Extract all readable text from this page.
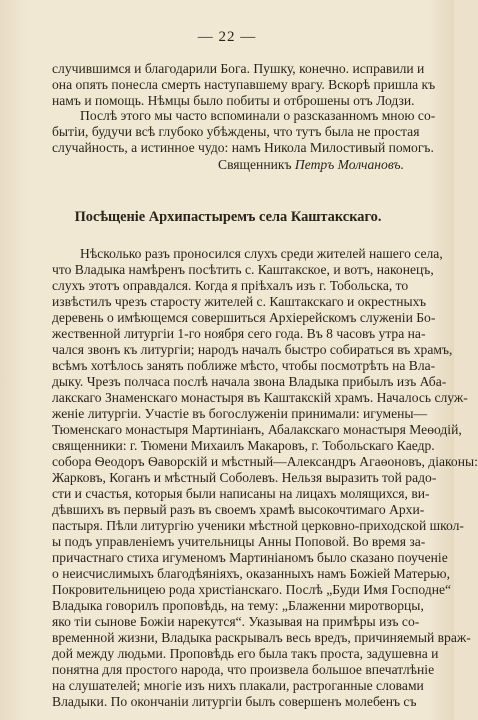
— 22 —
случившимся и благодарили Бога. Пушку, конечно. исправили и
она опять понесла смерть наступавшему врагу. Вскорѣ пришла къ
намъ и помощь. Нѣмцы было побиты и отброшены отъ Лодзи.
Послѣ этого мы часто вспоминали о разсказанномъ мною со-
бытіи, будучи всѣ глубоко убѣждены, что тутъ была не простая
случайность, а истинное чудо: намъ Никола Милостивый помогъ.
Священникъ Петръ Молчановъ.
Посѣщеніе Архипастыремъ села Каштакскаго.
Нѣсколько разъ проносился слухъ среди жителей нашего села,
что Владыка намѣренъ посѣтить с. Каштакское, и вотъ, наконецъ,
слухъ этотъ оправдался. Когда я пріѣхалъ изъ г. Тобольска, то
извѣстилъ чрезъ старосту жителей с. Каштакскаго и окрестныхъ
деревень о имѣющемся совершиться Архіерейскомъ служеніи Бо-
жественной литургіи 1-го ноября сего года. Въ 8 часовъ утра на-
чался звонъ къ литургіи; народъ началъ быстро собираться въ храмъ,
всѣмъ хотѣлось занять поближе мѣсто, чтобы посмотрѣть на Вла-
дыку. Чрезъ полчаса послѣ начала звона Владыка прибылъ изъ Аба-
лакскаго Знаменскаго монастыря въ Каштакскій храмъ. Началось служ-
женіе литургіи. Участіе въ богослуженіи принимали: игумены—
Тюменскаго монастыря Мартиніанъ, Абалакскаго монастыря Меѳодій,
священники: г. Тюмени Михаилъ Макаровъ, г. Тобольскаго Каедр.
собора Ѳеодоръ Ѳаворскій и мѣстный—Александръ Агаѳоновъ, діаконы:
Жарковъ, Коганъ и мѣстный Соболевъ. Нельзя выразить той радо-
сти и счастья, которыя были написаны на лицахъ молящихся, ви-
дѣвшихъ въ первый разъ въ своемъ храмѣ высокочтимаго Архи-
пастыря. Пѣли литургію ученики мѣстной церковно-приходской школ-
ы подъ управленіемъ учительницы Анны Поповой. Во время за-
причастнаго стиха игуменомъ Мартиніаномъ было сказано поученіе
о неисчислимыхъ благодѣяніяхъ, оказанныхъ намъ Божіей Матерью,
Покровительницею рода христіанскаго. Послѣ „Буди Имя Господне“
Владыка говорилъ проповѣдь, на тему: „Блаженни миротворцы,
яко тіи сынове Божіи нарекутся“. Указывая на примѣры изъ со-
временной жизни, Владыка раскрывалъ весь вредъ, причиняемый враж-
дой между людьми. Проповѣдь его была такъ проста, задушевна и
понятна для простого народа, что произвела большое впечатлѣніе
на слушателей; многіе изъ нихъ плакали, растроганные словами
Владыки. По окончаніи литургіи былъ совершенъ молебенъ съ
